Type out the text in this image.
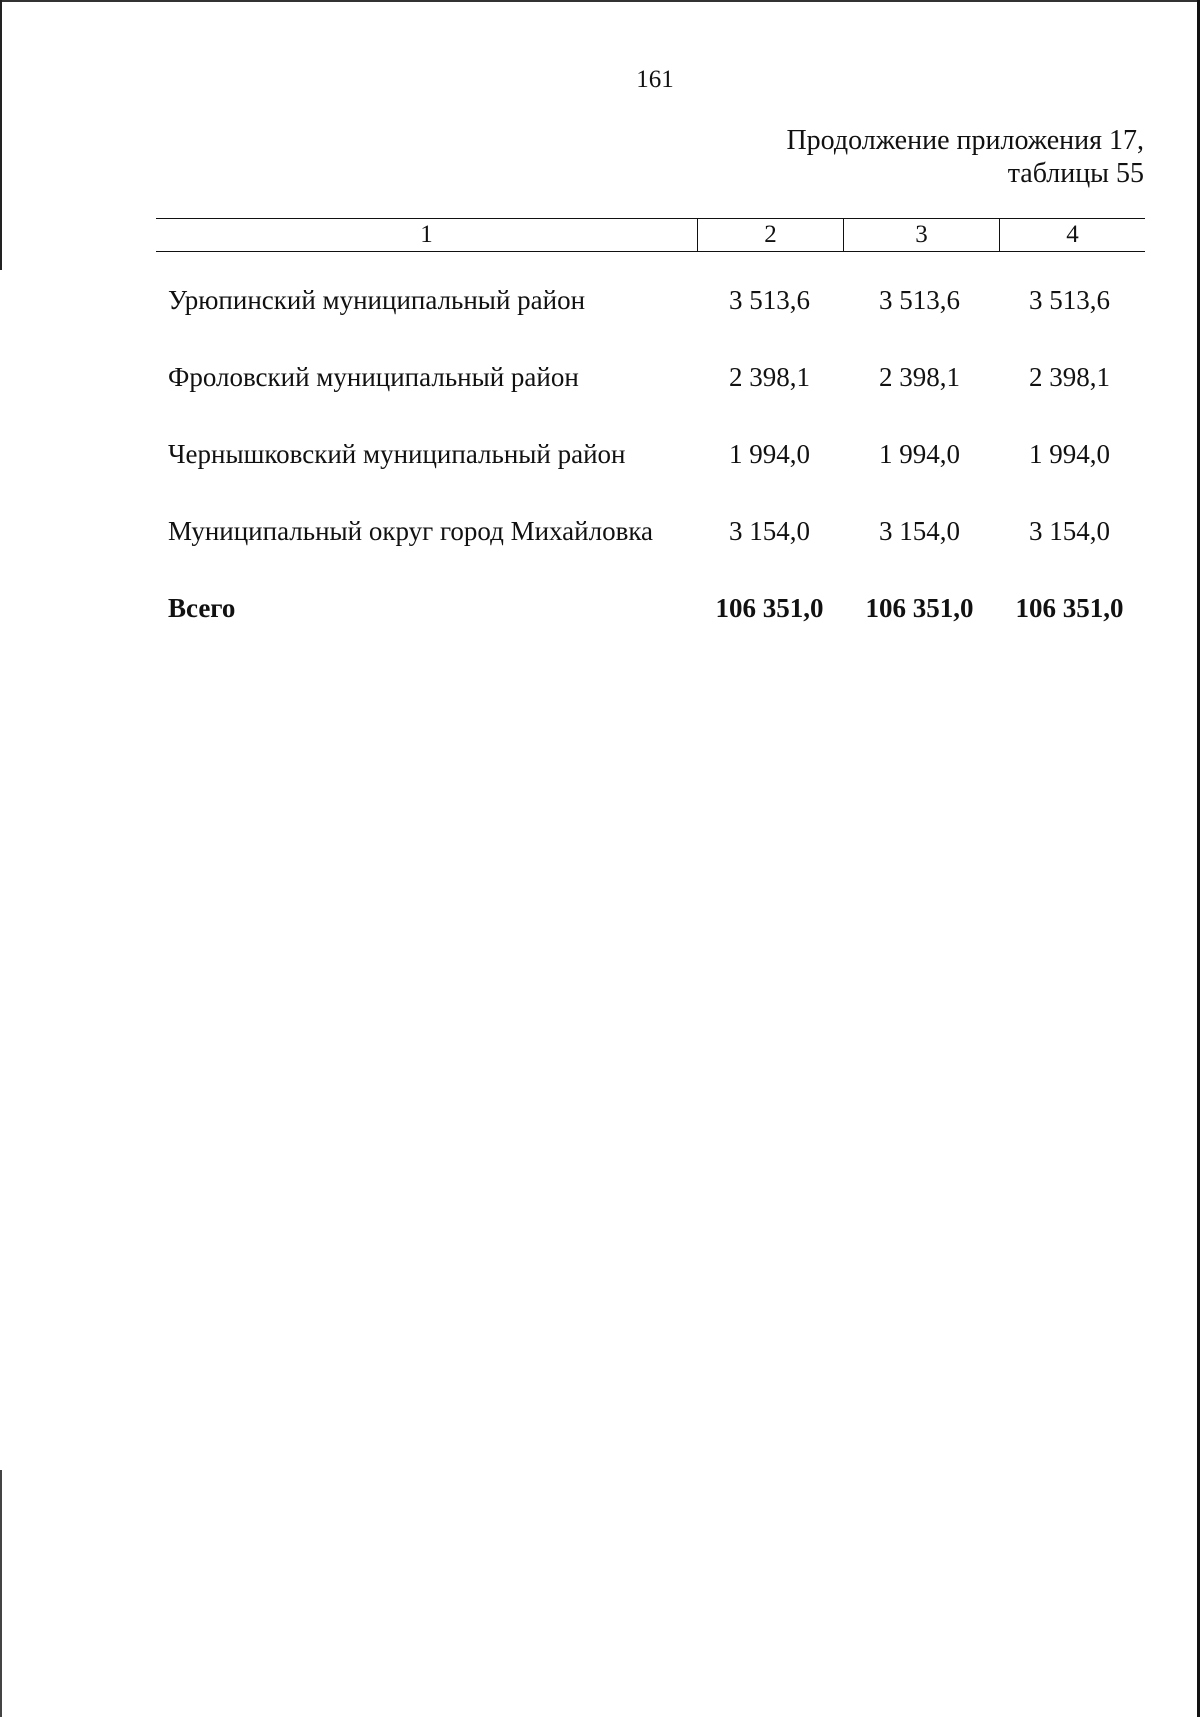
161
Продолжение приложения 17,
таблицы 55
1	2	3	4
Урюпинский муниципальный район	3 513,6	3 513,6	3 513,6
Фроловский муниципальный район	2 398,1	2 398,1	2 398,1
Чернышковский муниципальный район	1 994,0	1 994,0	1 994,0
Муниципальный округ город Михайловка	3 154,0	3 154,0	3 154,0
Всего	106 351,0	106 351,0	106 351,0
